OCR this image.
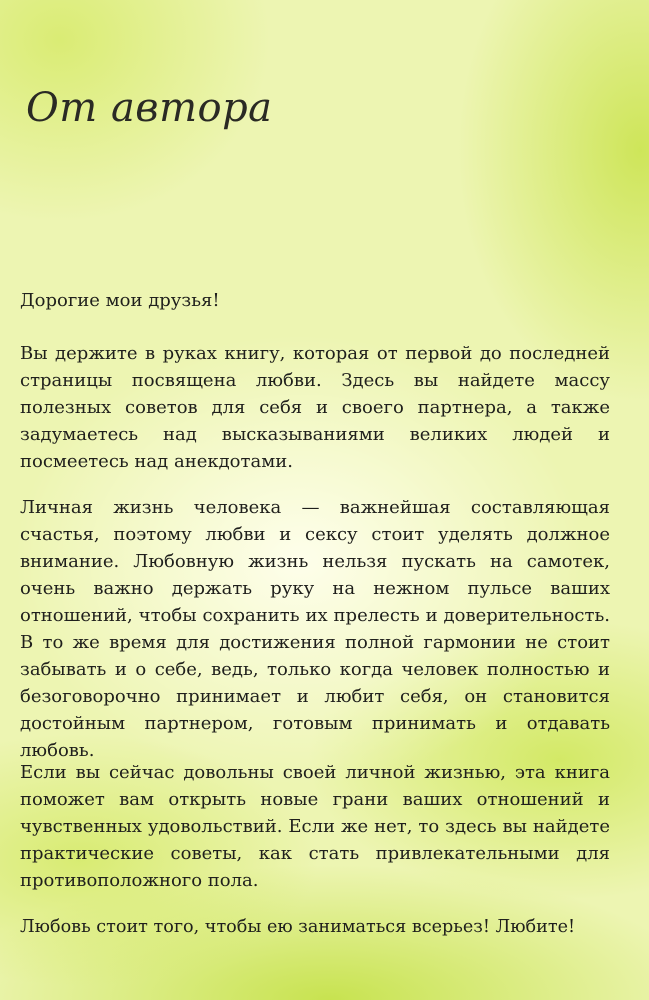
От автора
Дорогие мои друзья!
Вы держите в руках книгу, которая от первой до последней страницы посвящена любви. Здесь вы найдете массу полезных советов для себя и своего партнера, а также задумаетесь над высказываниями великих людей и посмеетесь над анекдотами.
Личная жизнь человека — важнейшая составляющая счастья, поэтому любви и сексу стоит уделять должное внимание. Любовную жизнь нельзя пускать на самотек, очень важно держать руку на нежном пульсе ваших отношений, чтобы сохранить их прелесть и доверительность. В то же время для достижения полной гармонии не стоит забывать и о себе, ведь, только когда человек полностью и безоговорочно принимает и любит себя, он становится достойным партнером, готовым принимать и отдавать любовь.
Если вы сейчас довольны своей личной жизнью, эта книга поможет вам открыть новые грани ваших отношений и чувственных удовольствий. Если же нет, то здесь вы найдете практические советы, как стать привлекательными для противоположного пола.
Любовь стоит того, чтобы ею заниматься всерьез! Любите!
